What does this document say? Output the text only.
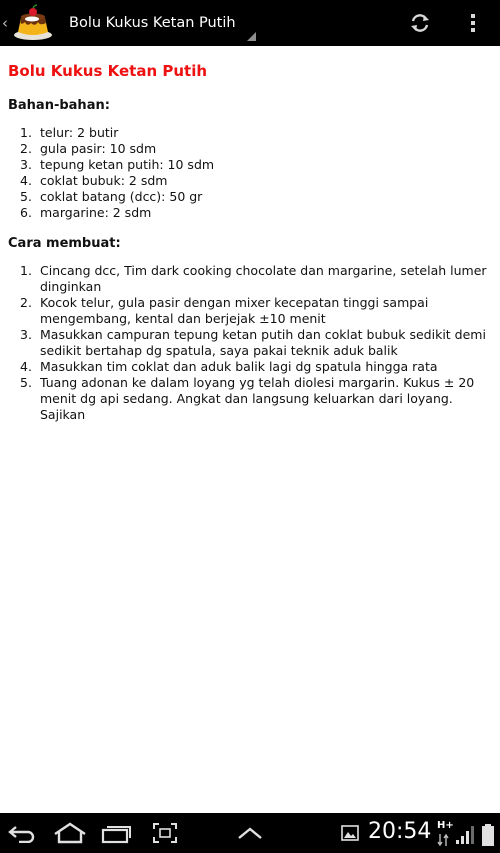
‹	Bolu Kukus Ketan Putih
Bolu Kukus Ketan Putih
Bahan-bahan:
1. telur: 2 butir
2. gula pasir: 10 sdm
3. tepung ketan putih: 10 sdm
4. coklat bubuk: 2 sdm
5. coklat batang (dcc): 50 gr
6. margarine: 2 sdm
Cara membuat:
1. Cincang dcc, Tim dark cooking chocolate dan margarine, setelah lumer dinginkan
2. Kocok telur, gula pasir dengan mixer kecepatan tinggi sampai mengembang, kental dan berjejak ±10 menit
3. Masukkan campuran tepung ketan putih dan coklat bubuk sedikit demi sedikit bertahap dg spatula, saya pakai teknik aduk balik
4. Masukkan tim coklat dan aduk balik lagi dg spatula hingga rata
5. Tuang adonan ke dalam loyang yg telah diolesi margarin. Kukus ± 20 menit dg api sedang. Angkat dan langsung keluarkan dari loyang. Sajikan
20:54 H+
